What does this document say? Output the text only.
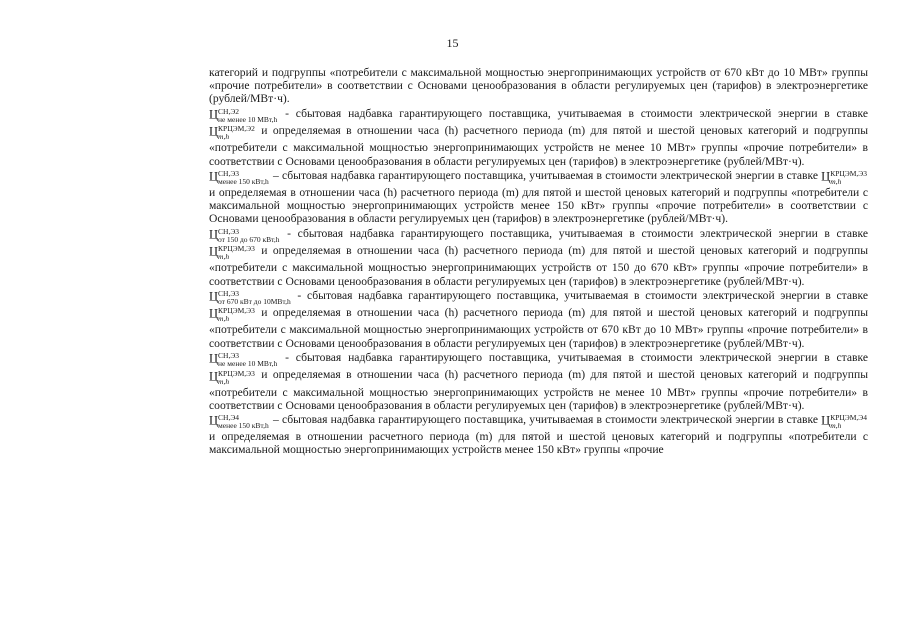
15

категорий и подгруппы «потребители с максимальной мощностью энергопринимающих устройств от 670 кВт до 10 МВт» группы «прочие потребители» в соответствии с Основами ценообразования в области регулируемых цен (тарифов) в электроэнергетике (рублей/МВт·ч).

Ц СН,Э2
не менее 10 МВт,h - сбытовая надбавка гарантирующего поставщика, учитываемая в стоимости электрической энергии в ставке Ц КРЦЭМ,Э2
m,h	и определяемая в отношении часа (h) расчетного периода (m) для пятой и шестой ценовых категорий и подгруппы «потребители с максимальной мощностью энергопринимающих устройств не менее 10 МВт» группы «прочие потребители» в соответствии с Основами ценообразования в области регулируемых цен (тарифов) в электроэнергетике (рублей/МВт·ч).

Ц СН,Э3
менее 150 кВт,h – сбытовая надбавка гарантирующего поставщика, учитываемая в стоимости электрической энергии в ставке Ц КРЦЭМ,Э3
m,h
и определяемая в отношении часа (h) расчетного периода (m) для пятой и шестой ценовых категорий и подгруппы «потребители с максимальной мощностью энергопринимающих устройств менее 150 кВт» группы «прочие потребители» в соответствии с Основами ценообразования в области регулируемых цен (тарифов) в электроэнергетике (рублей/МВт·ч).

Ц СН,Э3
от 150 до 670 кВт,h - сбытовая надбавка гарантирующего поставщика, учитываемая в стоимости электрической энергии в ставке Ц КРЦЭМ,Э3
m,h	и определяемая в отношении часа (h) расчетного периода (m) для пятой и шестой ценовых категорий и подгруппы «потребители с максимальной мощностью энергопринимающих устройств от 150 до 670 кВт» группы «прочие потребители» в соответствии с Основами ценообразования в области регулируемых цен (тарифов) в электроэнергетике (рублей/МВт·ч).

Ц СН,Э3
от 670 кВт до 10МВт,h - сбытовая надбавка гарантирующего поставщика, учитываемая в стоимости электрической энергии в ставке Ц КРЦЭМ,Э3
m,h	и определяемая в отношении часа (h) расчетного периода (m) для пятой и шестой ценовых категорий и подгруппы «потребители с максимальной мощностью энергопринимающих устройств от 670 кВт до 10 МВт» группы «прочие потребители» в соответствии с Основами ценообразования в области регулируемых цен (тарифов) в электроэнергетике (рублей/МВт·ч).

Ц СН,Э3
не менее 10 МВт,h - сбытовая надбавка гарантирующего поставщика, учитываемая в стоимости электрической энергии в ставке Ц КРЦЭМ,Э3
m,h	и определяемая в отношении часа (h) расчетного периода (m) для пятой и шестой ценовых категорий и подгруппы «потребители с максимальной мощностью энергопринимающих устройств не менее 10 МВт» группы «прочие потребители» в соответствии с Основами ценообразования в области регулируемых цен (тарифов) в электроэнергетике (рублей/МВт·ч).

Ц СН,Э4
менее 150 кВт,h – сбытовая надбавка гарантирующего поставщика, учитываемая в стоимости электрической энергии в ставке Ц КРЦЭМ,Э4
m,h
и определяемая в отношении расчетного периода (m) для пятой и шестой ценовых категорий и подгруппы «потребители с максимальной мощностью энергопринимающих устройств менее 150 кВт» группы «прочие
